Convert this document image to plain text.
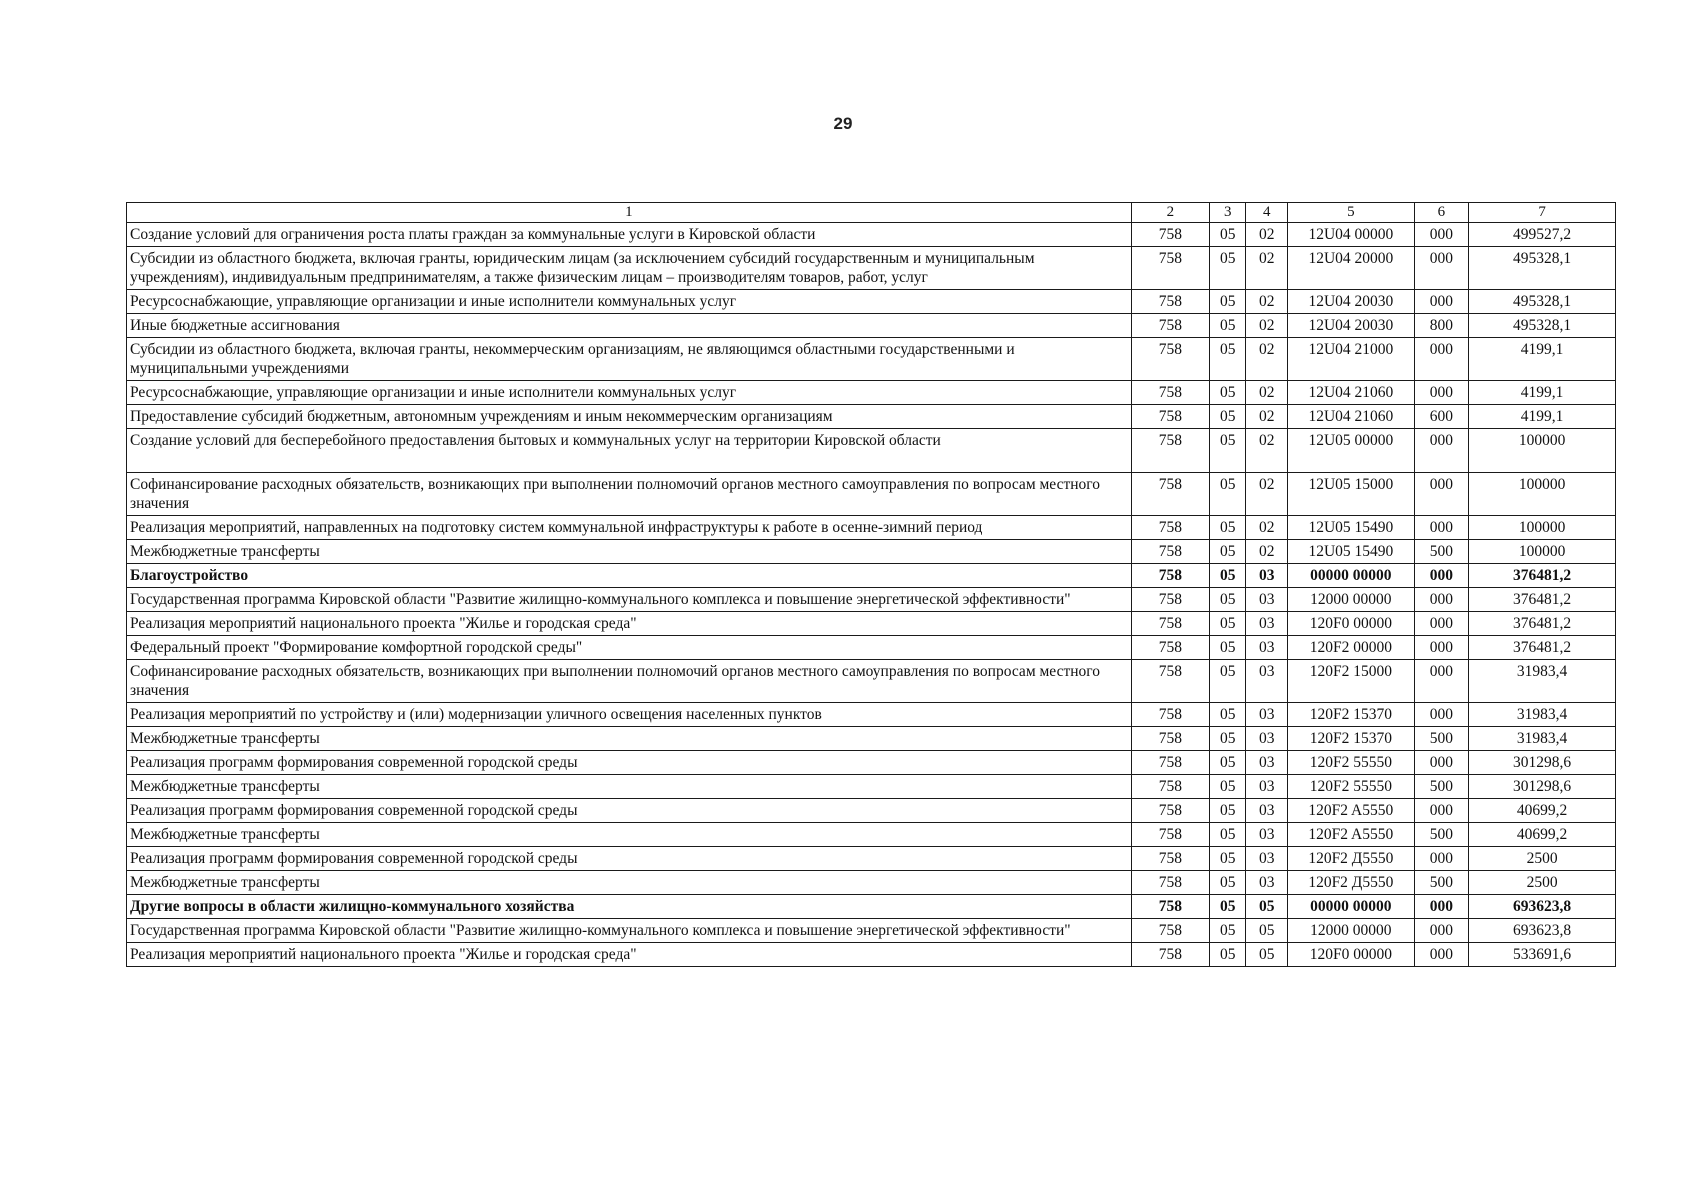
29
1	2	3	4	5	6	7
Создание условий для ограничения роста платы граждан за коммунальные услуги в Кировской области	758	05	02	12U04 00000	000	499527,2
Субсидии из областного бюджета, включая гранты, юридическим лицам (за исключением субсидий государственным и муниципальным учреждениям), индивидуальным предпринимателям, а также физическим лицам – производителям товаров, работ, услуг	758	05	02	12U04 20000	000	495328,1
Ресурсоснабжающие, управляющие организации и иные исполнители коммунальных услуг	758	05	02	12U04 20030	000	495328,1
Иные бюджетные ассигнования	758	05	02	12U04 20030	800	495328,1
Субсидии из областного бюджета, включая гранты, некоммерческим организациям, не являющимся областными государственными и муниципальными учреждениями	758	05	02	12U04 21000	000	4199,1
Ресурсоснабжающие, управляющие организации и иные исполнители коммунальных услуг	758	05	02	12U04 21060	000	4199,1
Предоставление субсидий бюджетным, автономным учреждениям и иным некоммерческим организациям	758	05	02	12U04 21060	600	4199,1
Создание условий для бесперебойного предоставления бытовых и коммунальных услуг на территории Кировской области	758	05	02	12U05 00000	000	100000
Софинансирование расходных обязательств, возникающих при выполнении полномочий органов местного самоуправления по вопросам местного значения	758	05	02	12U05 15000	000	100000
Реализация мероприятий, направленных на подготовку систем коммунальной инфраструктуры к работе в осенне-зимний период	758	05	02	12U05 15490	000	100000
Межбюджетные трансферты	758	05	02	12U05 15490	500	100000
Благоустройство	758	05	03	00000 00000	000	376481,2
Государственная программа Кировской области "Развитие жилищно-коммунального комплекса и повышение энергетической эффективности"	758	05	03	12000 00000	000	376481,2
Реализация мероприятий национального проекта "Жилье и городская среда"	758	05	03	120F0 00000	000	376481,2
Федеральный проект "Формирование комфортной городской среды"	758	05	03	120F2 00000	000	376481,2
Софинансирование расходных обязательств, возникающих при выполнении полномочий органов местного самоуправления по вопросам местного значения	758	05	03	120F2 15000	000	31983,4
Реализация мероприятий по устройству и (или) модернизации уличного освещения населенных пунктов	758	05	03	120F2 15370	000	31983,4
Межбюджетные трансферты	758	05	03	120F2 15370	500	31983,4
Реализация программ формирования современной городской среды	758	05	03	120F2 55550	000	301298,6
Межбюджетные трансферты	758	05	03	120F2 55550	500	301298,6
Реализация программ формирования современной городской среды	758	05	03	120F2 A5550	000	40699,2
Межбюджетные трансферты	758	05	03	120F2 A5550	500	40699,2
Реализация программ формирования современной городской среды	758	05	03	120F2 Д5550	000	2500
Межбюджетные трансферты	758	05	03	120F2 Д5550	500	2500
Другие вопросы в области жилищно-коммунального хозяйства	758	05	05	00000 00000	000	693623,8
Государственная программа Кировской области "Развитие жилищно-коммунального комплекса и повышение энергетической эффективности"	758	05	05	12000 00000	000	693623,8
Реализация мероприятий национального проекта "Жилье и городская среда"	758	05	05	120F0 00000	000	533691,6
